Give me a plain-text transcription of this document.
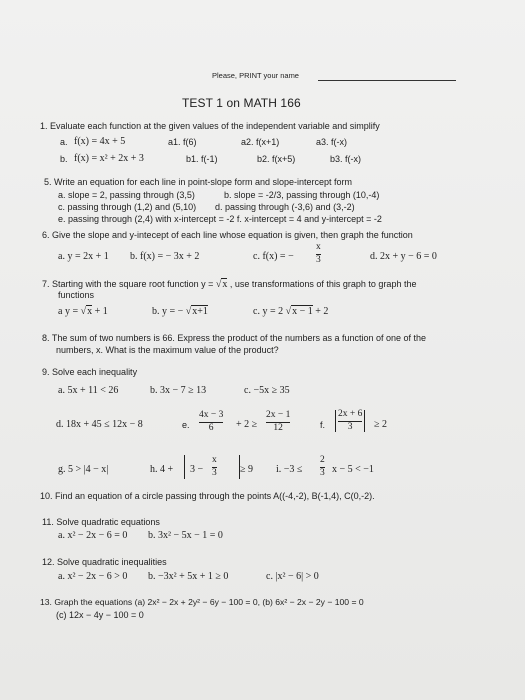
Please, PRINT your name
TEST 1 on MATH 166
1. Evaluate each function at the given values of the independent variable and simplify
a. f(x) = 4x + 5	a1. f(6)	a2. f(x+1)	a3. f(-x)
b. f(x) = x² + 2x + 3	b1. f(-1)	b2. f(x+5)	b3. f(-x)
5. Write an equation for each line in point-slope form and slope-intercept form
a. slope = 2, passing through (3,5)	b. slope = -2/3, passing through (10,-4)
c. passing through (1,2) and (5,10) d. passing through (-3,6) and (3,-2)
e. passing through (2,4) with x-intercept = -2 f. x-intercept = 4 and y-intercept = -2
6. Give the slope and y-intecept of each line whose equation is given, then graph the function
a. y = 2x + 1 b. f(x) = − 3x + 2	c. f(x) = −
x
3	d. 2x + y − 6 = 0
7. Starting with the square root function y = √x , use transformations of this graph to graph the
functions
a y = √x + 1	b. y = − √x+1	c. y = 2 √x − 1 + 2
8. The sum of two numbers is 66. Express the product of the numbers as a function of one of the
numbers, x. What is the maximum value of the product?
9. Solve each inequality
a. 5x + 11 < 26	b. 3x − 7 ≥ 13	c. −5x ≥ 35
d. 18x + 45 ≤ 12x − 8	e.
4x − 3
6 + 2 ≥
2x − 1
12	f.
2x + 6
3 ≥ 2
g. 5 > |4 − x|	h. 4 + 3 −
x
3 ≥ 9 i. −3 ≤
2
3 x − 5 < −1
10. Find an equation of a circle passing through the points A((-4,-2), B(-1,4), C(0,-2).
11. Solve quadratic equations
a. x² − 2x − 6 = 0 b. 3x² − 5x − 1 = 0
12. Solve quadratic inequalities
a. x² − 2x − 6 > 0 b. −3x² + 5x + 1 ≥ 0	c. |x² − 6| > 0
13. Graph the equations (a) 2x² − 2x + 2y² − 6y − 100 = 0, (b) 6x² − 2x − 2y − 100 = 0
(c) 12x − 4y − 100 = 0
